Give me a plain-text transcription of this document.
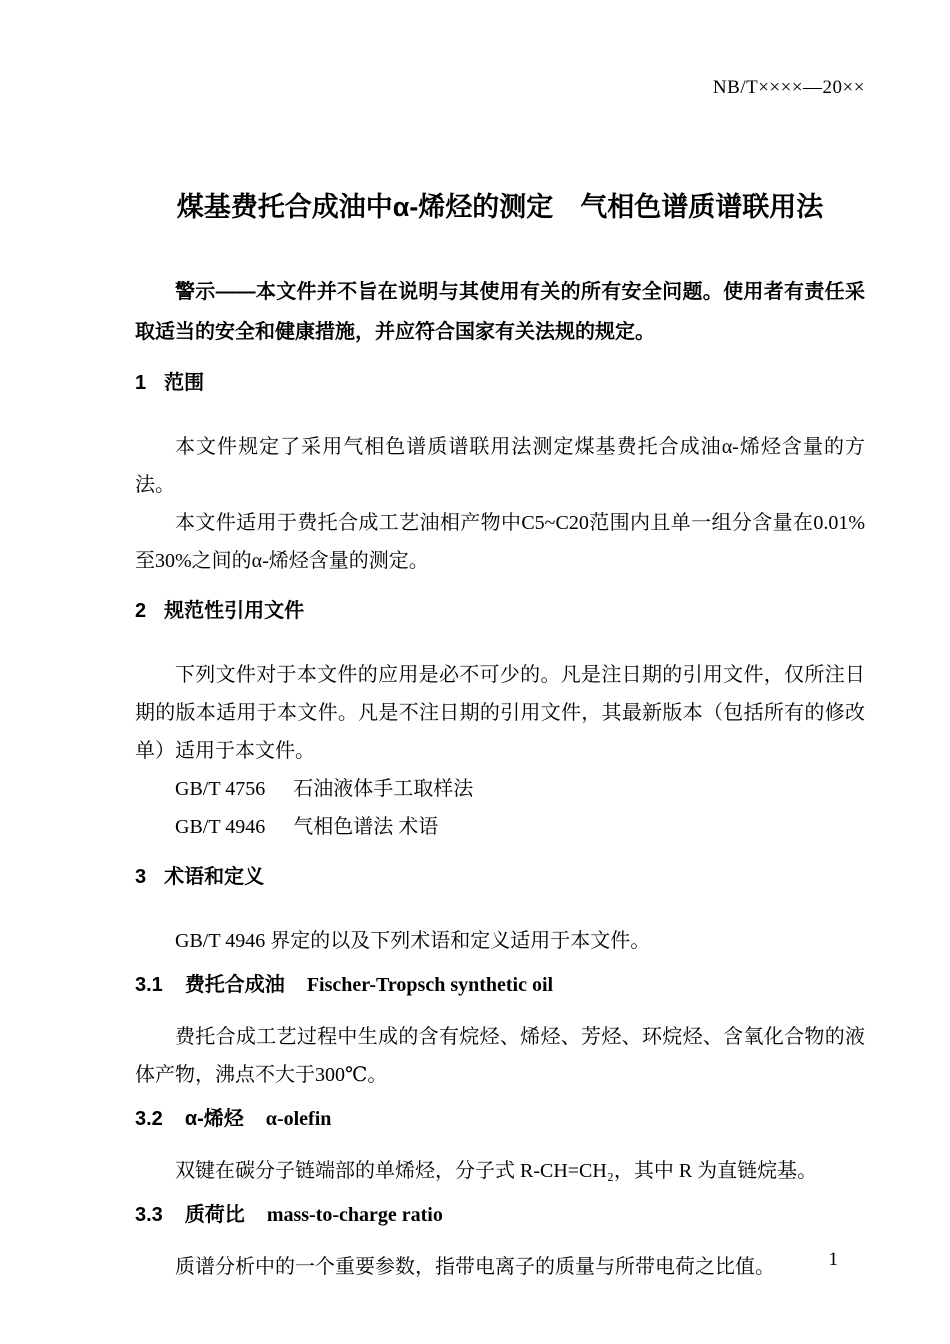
NB/T××××—20××
煤基费托合成油中α-烯烃的测定　气相色谱质谱联用法

警示——本文件并不旨在说明与其使用有关的所有安全问题。使用者有责任采取适当的安全和健康措施，并应符合国家有关法规的规定。

1 范围

本文件规定了采用气相色谱质谱联用法测定煤基费托合成油α-烯烃含量的方法。

本文件适用于费托合成工艺油相产物中C5~C20范围内且单一组分含量在0.01%至30%之间的α-烯烃含量的测定。

2 规范性引用文件

下列文件对于本文件的应用是必不可少的。凡是注日期的引用文件，仅所注日期的版本适用于本文件。凡是不注日期的引用文件，其最新版本（包括所有的修改单）适用于本文件。

GB/T 4756 石油液体手工取样法

GB/T 4946 气相色谱法 术语

3 术语和定义

GB/T 4946 界定的以及下列术语和定义适用于本文件。

3.1 费托合成油 Fischer-Tropsch synthetic oil

费托合成工艺过程中生成的含有烷烃、烯烃、芳烃、环烷烃、含氧化合物的液体产物，沸点不大于300℃。

3.2 α-烯烃 α-olefin

双键在碳分子链端部的单烯烃，分子式 R-CH=CH₂，其中 R 为直链烷基。

3.3 质荷比 mass-to-charge ratio

质谱分析中的一个重要参数，指带电离子的质量与所带电荷之比值。	1
